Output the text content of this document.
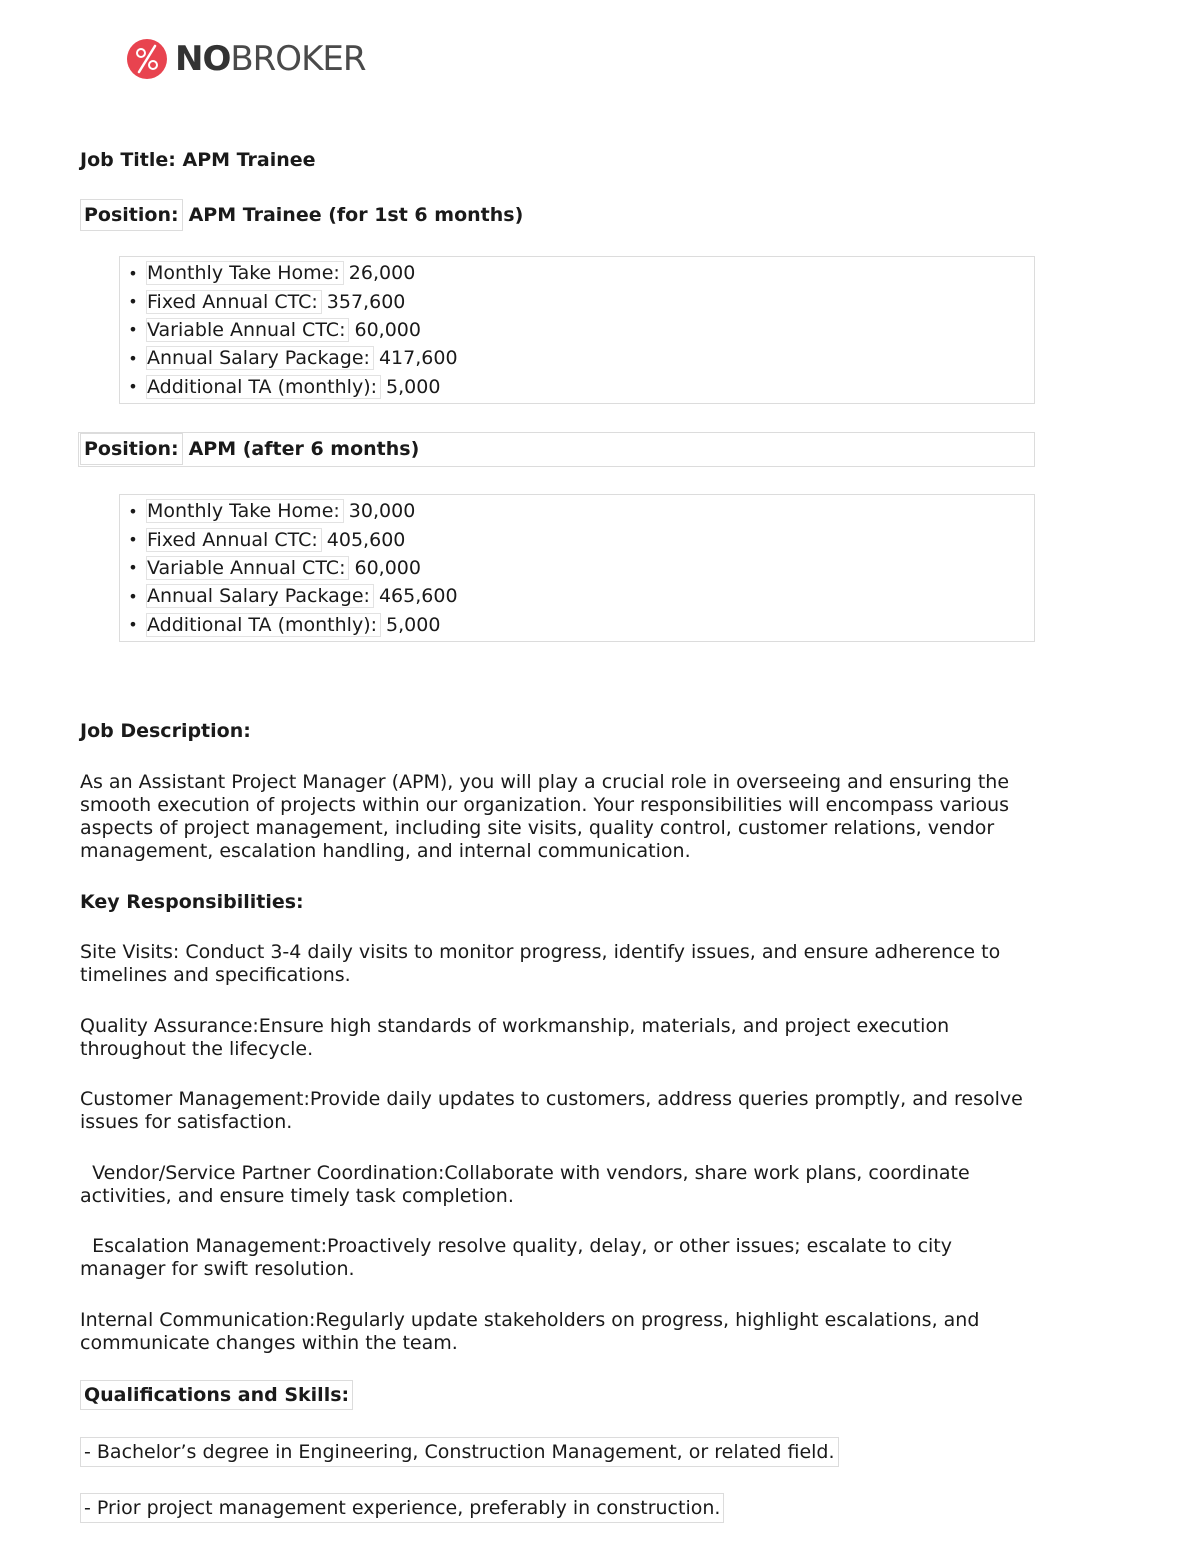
NOBROKER
Job Title: APM Trainee
Position: APM Trainee (for 1st 6 months)
• Monthly Take Home: 26,000
• Fixed Annual CTC: 357,600
• Variable Annual CTC: 60,000
• Annual Salary Package: 417,600
• Additional TA (monthly): 5,000
Position: APM (after 6 months)
• Monthly Take Home: 30,000
• Fixed Annual CTC: 405,600
• Variable Annual CTC: 60,000
• Annual Salary Package: 465,600
• Additional TA (monthly): 5,000
Job Description:
As an Assistant Project Manager (APM), you will play a crucial role in overseeing and ensuring the smooth execution of projects within our organization. Your responsibilities will encompass various aspects of project management, including site visits, quality control, customer relations, vendor management, escalation handling, and internal communication.
Key Responsibilities:
Site Visits: Conduct 3-4 daily visits to monitor progress, identify issues, and ensure adherence to timelines and specifications.
Quality Assurance:Ensure high standards of workmanship, materials, and project execution throughout the lifecycle.
Customer Management:Provide daily updates to customers, address queries promptly, and resolve issues for satisfaction.
Vendor/Service Partner Coordination:Collaborate with vendors, share work plans, coordinate activities, and ensure timely task completion.
Escalation Management:Proactively resolve quality, delay, or other issues; escalate to city manager for swift resolution.
Internal Communication:Regularly update stakeholders on progress, highlight escalations, and communicate changes within the team.
Qualifications and Skills:
- Bachelor’s degree in Engineering, Construction Management, or related field.
- Prior project management experience, preferably in construction.
